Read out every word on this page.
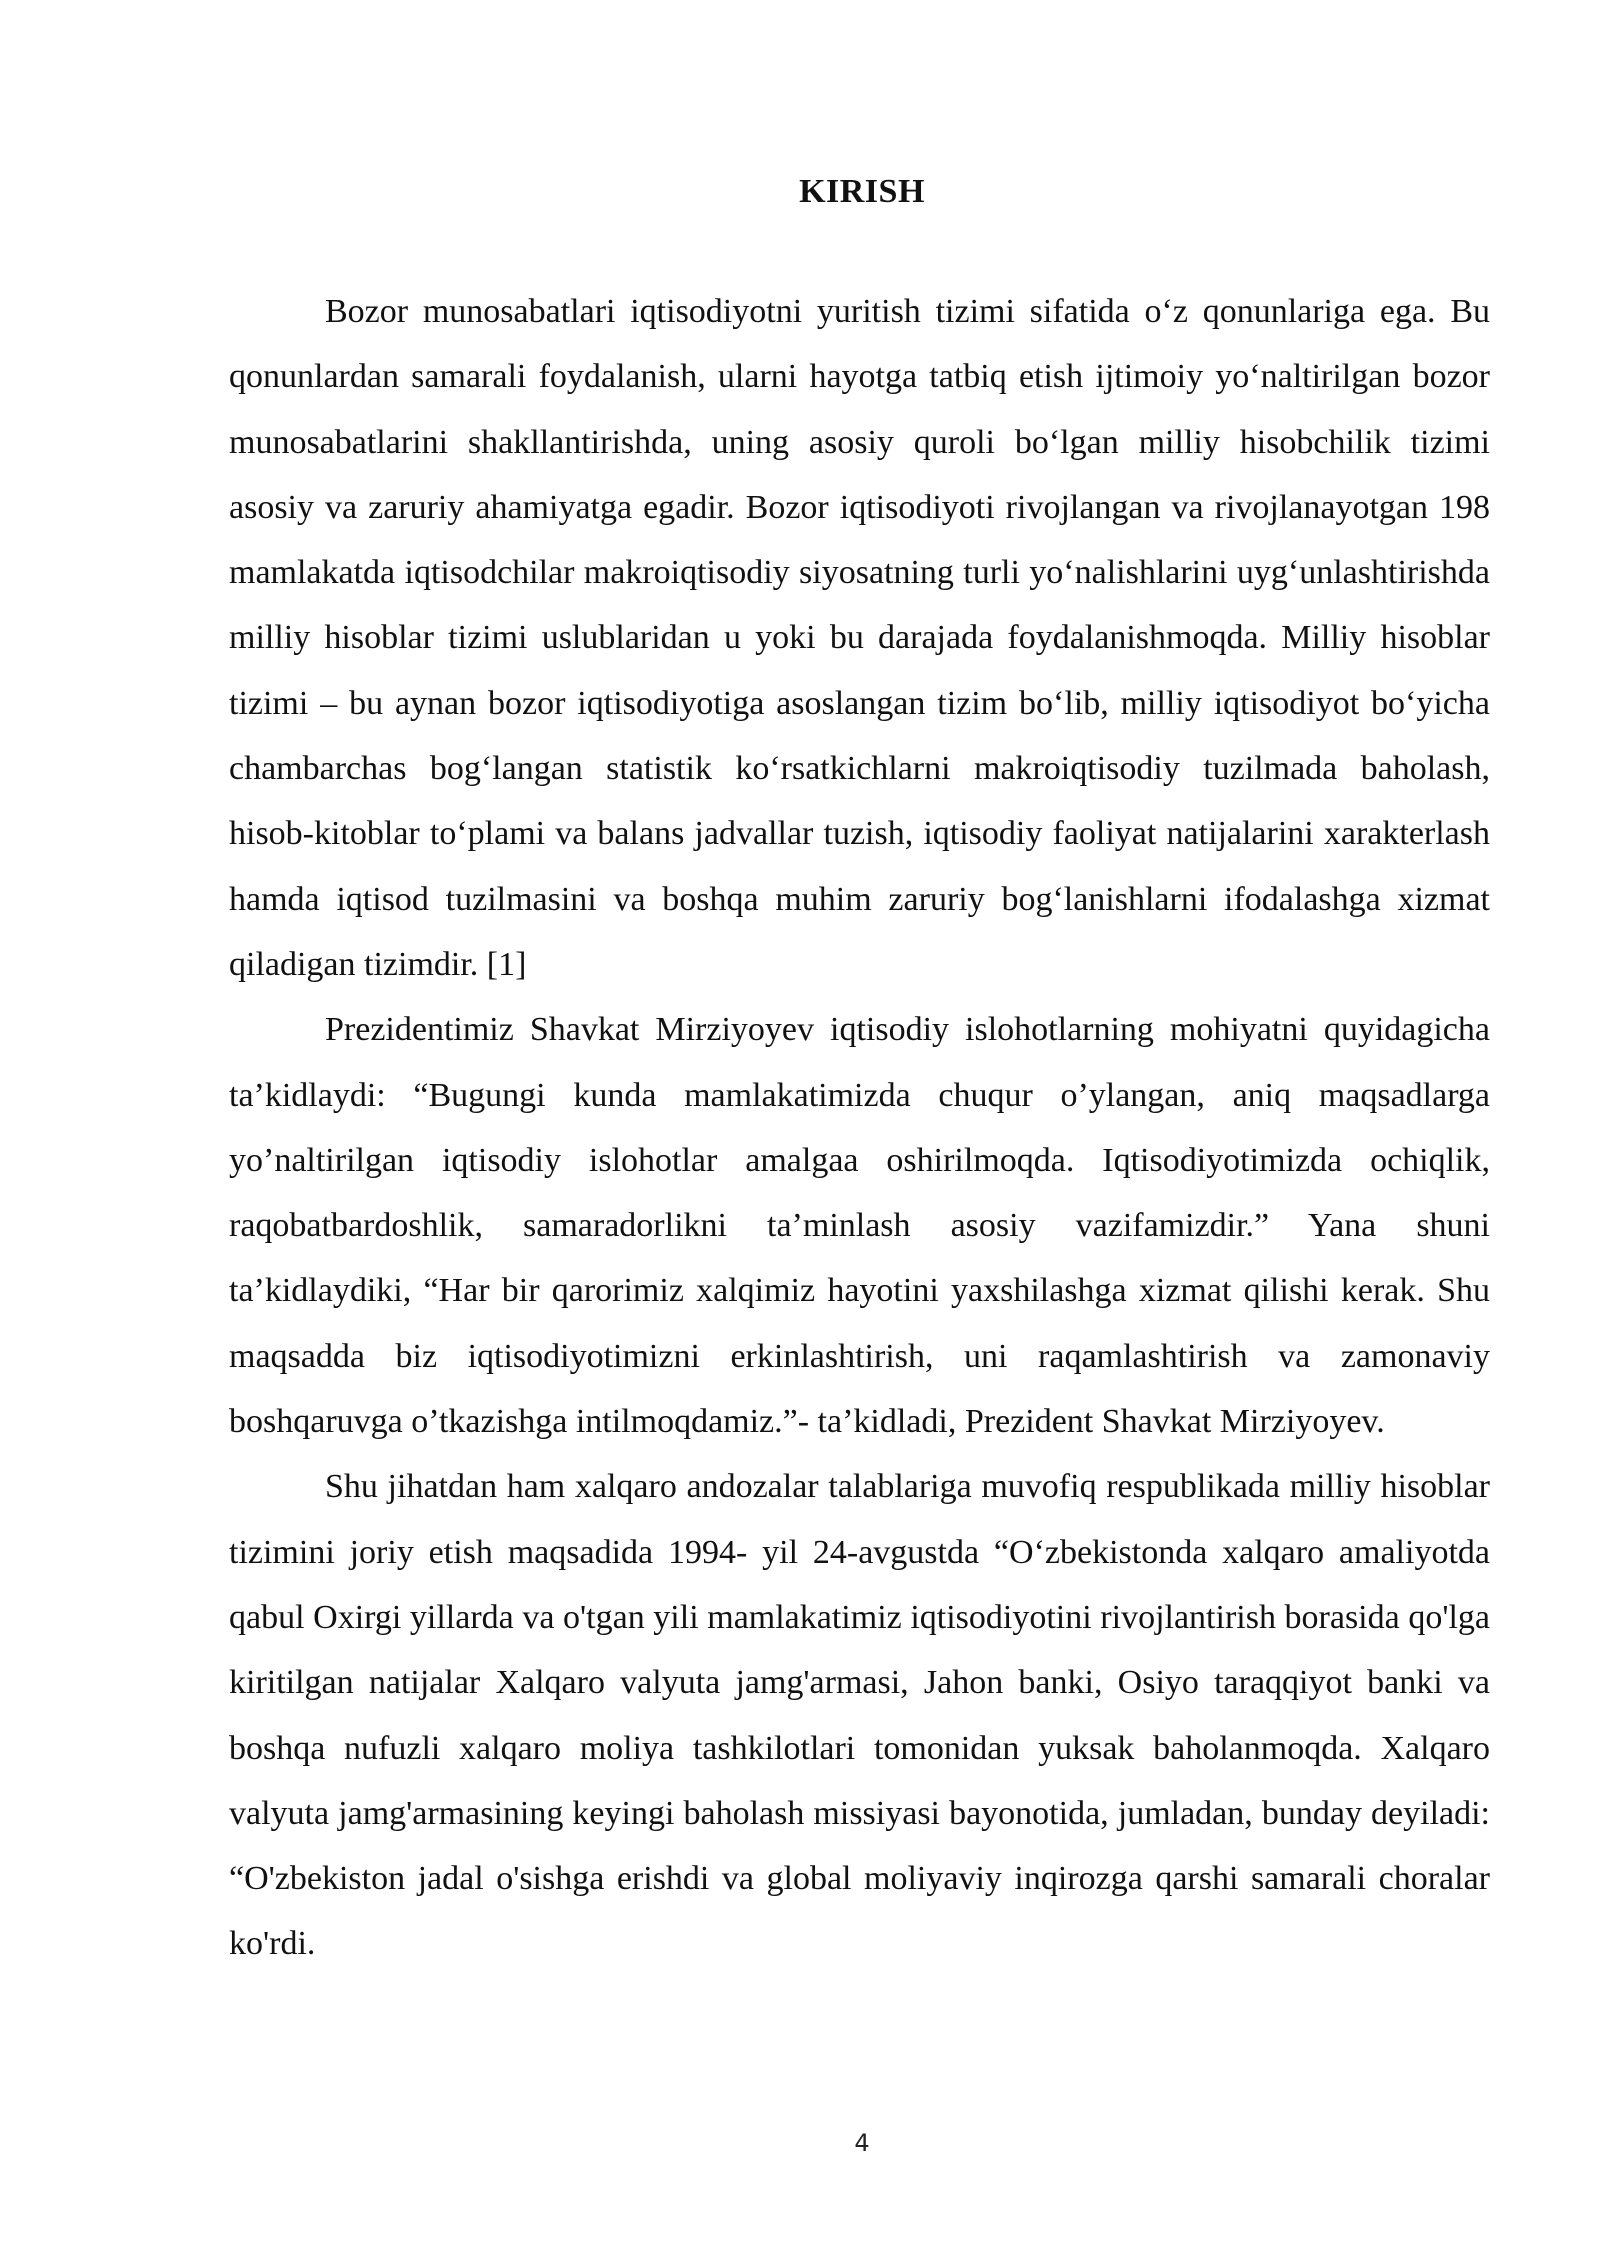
KIRISH

Bozor munosabatlari iqtisodiyotni yuritish tizimi sifatida o‘z qonunlariga ega. Bu qonunlardan samarali foydalanish, ularni hayotga tatbiq etish ijtimoiy yo‘naltirilgan bozor munosabatlarini shakllantirishda, uning asosiy quroli bo‘lgan milliy hisobchilik tizimi asosiy va zaruriy ahamiyatga egadir. Bozor iqtisodiyoti rivojlangan va rivojlanayotgan 198 mamlakatda iqtisodchilar makroiqtisodiy siyosatning turli yo‘nalishlarini uyg‘unlashtirishda milliy hisoblar tizimi uslublaridan u yoki bu darajada foydalanishmoqda. Milliy hisoblar tizimi – bu aynan bozor iqtisodiyotiga asoslangan tizim bo‘lib, milliy iqtisodiyot bo‘yicha chambarchas bog‘langan statistik ko‘rsatkichlarni makroiqtisodiy tuzilmada baholash, hisob-kitoblar to‘plami va balans jadvallar tuzish, iqtisodiy faoliyat natijalarini xarakterlash hamda iqtisod tuzilmasini va boshqa muhim zaruriy bog‘lanishlarni ifodalashga xizmat qiladigan tizimdir. [1]

Prezidentimiz Shavkat Mirziyoyev iqtisodiy islohotlarning mohiyatni quyidagicha ta’kidlaydi: “Bugungi kunda mamlakatimizda chuqur o’ylangan, aniq maqsadlarga yo’naltirilgan iqtisodiy islohotlar amalgaa oshirilmoqda. Iqtisodiyotimizda ochiqlik, raqobatbardoshlik, samaradorlikni ta’minlash asosiy vazifamizdir.” Yana shuni ta’kidlaydiki, “Har bir qarorimiz xalqimiz hayotini yaxshilashga xizmat qilishi kerak. Shu maqsadda biz iqtisodiyotimizni erkinlashtirish, uni raqamlashtirish va zamonaviy boshqaruvga o’tkazishga intilmoqdamiz.”- ta’kidladi, Prezident Shavkat Mirziyoyev.

Shu jihatdan ham xalqaro andozalar talablariga muvofiq respublikada milliy hisoblar tizimini joriy etish maqsadida 1994- yil 24-avgustda “O‘zbekistonda xalqaro amaliyotda qabul Oxirgi yillarda va o'tgan yili mamlakatimiz iqtisodiyotini rivojlantirish borasida qo'lga kiritilgan natijalar Xalqaro valyuta jamg'armasi, Jahon banki, Osiyo taraqqiyot banki va boshqa nufuzli xalqaro moliya tashkilotlari tomonidan yuksak baholanmoqda. Xalqaro valyuta jamg'armasining keyingi baholash missiyasi bayonotida, jumladan, bunday deyiladi: “O'zbekiston jadal o'sishga erishdi va global moliyaviy inqirozga qarshi samarali choralar ko'rdi.

4
